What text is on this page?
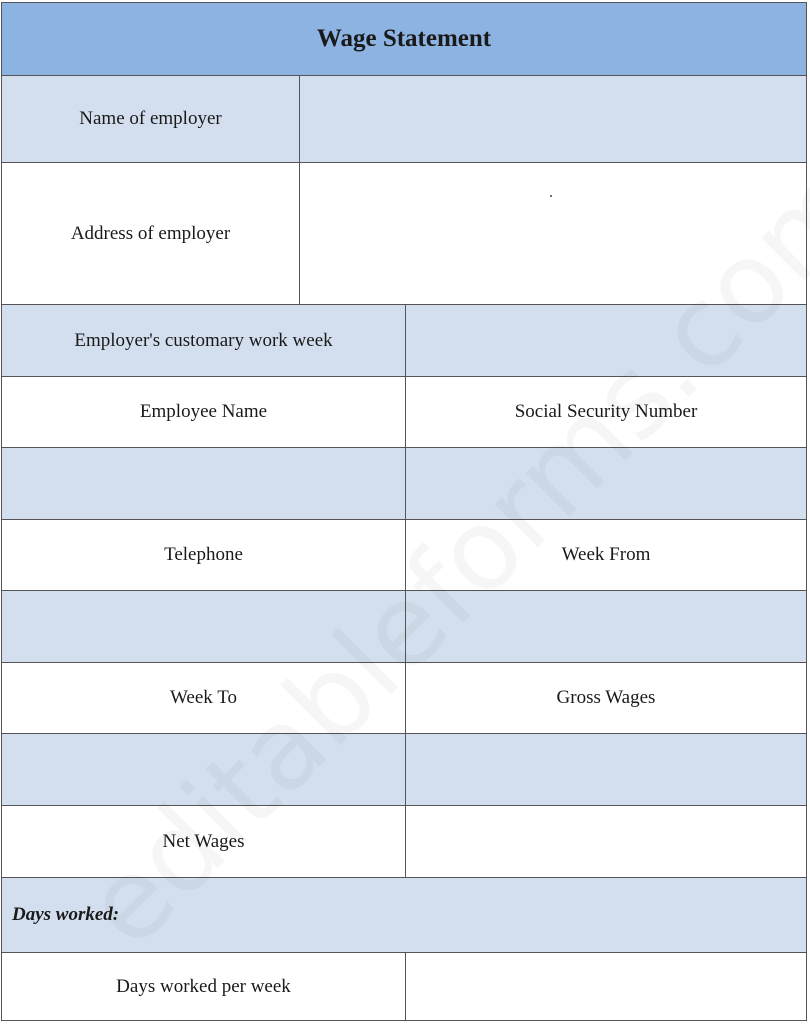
Wage Statement
Name of employer
Address of employer
Employer's customary work week
Employee Name	Social Security Number
Telephone	Week From
Week To	Gross Wages
Net Wages
Days worked:
Days worked per week
